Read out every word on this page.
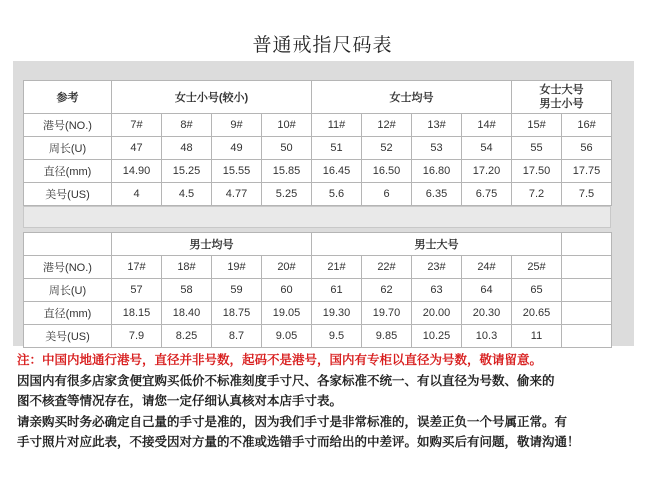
普通戒指尺码表
参考	女士小号(较小)				女士均号				女士大号
男士小号	
港号(NO.)	7#	8#	9#	10#	11#	12#	13#	14#	15#	16#
周长(U)	47	48	49	50	51	52	53	54	55	56
直径(mm)	14.90	15.25	15.55	15.85	16.45	16.50	16.80	17.20	17.50	17.75
美号(US)	4	4.5	4.77	5.25	5.6	6	6.35	6.75	7.2	7.5
	男士均号				男士大号					
港号(NO.)	17#	18#	19#	20#	21#	22#	23#	24#	25#	
周长(U)	57	58	59	60	61	62	63	64	65	
直径(mm)	18.15	18.40	18.75	19.05	19.30	19.70	20.00	20.30	20.65	
美号(US)	7.9	8.25	8.7	9.05	9.5	9.85	10.25	10.3	11	

注：中国内地通行港号，直径并非号数，起码不是港号，国内有专柜以直径为号数，敬请留意。

因国内有很多店家贪便宜购买低价不标准刻度手寸尺、各家标准不统一、有以直径为号数、偷来的

图不核查等情况存在，请您一定仔细认真核对本店手寸表。

请亲购买时务必确定自己量的手寸是准的，因为我们手寸是非常标准的，误差正负一个号属正常。有

手寸照片对应此表，不接受因对方量的不准或选错手寸而给出的中差评。如购买后有问题，敬请沟通！
